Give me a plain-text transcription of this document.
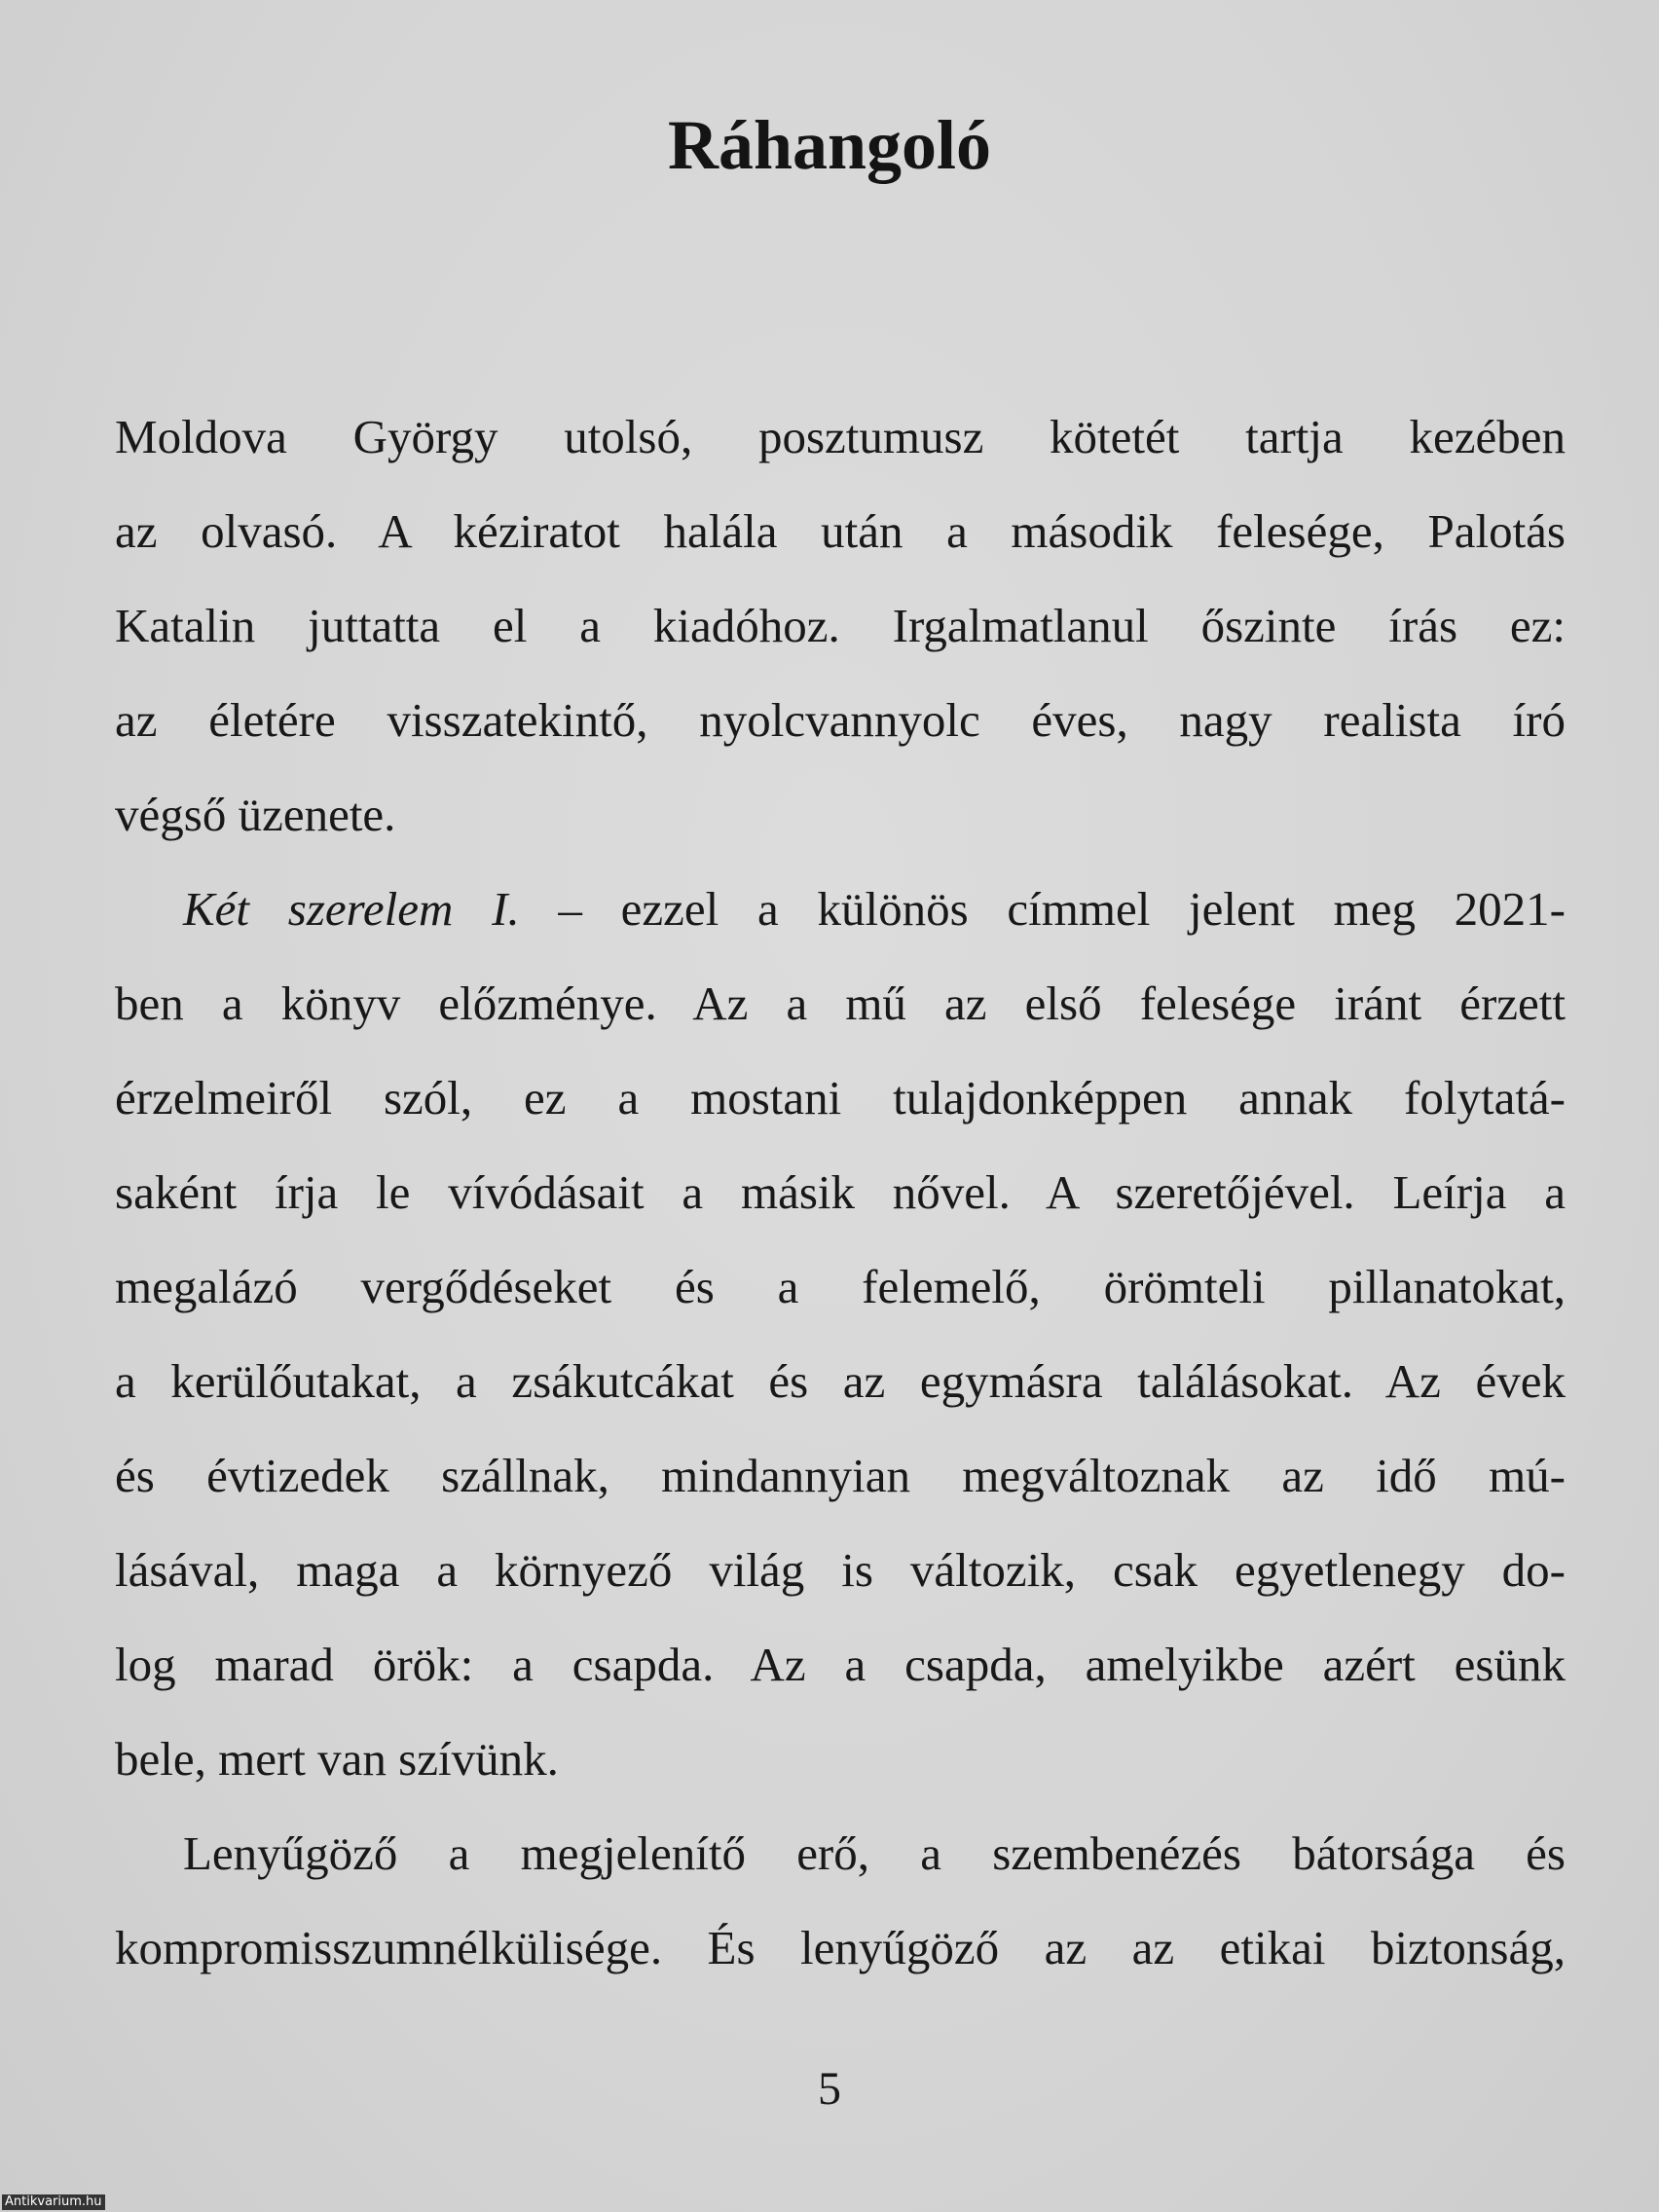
Ráhangoló
Moldova György utolsó, posztumusz kötetét tartja kezében
az olvasó. A kéziratot halála után a második felesége, Palotás
Katalin juttatta el a kiadóhoz. Irgalmatlanul őszinte írás ez:
az életére visszatekintő, nyolcvannyolc éves, nagy realista író
végső üzenete.
Két szerelem I. – ezzel a különös címmel jelent meg 2021-
ben a könyv előzménye. Az a mű az első felesége iránt érzett
érzelmeiről szól, ez a mostani tulajdonképpen annak folytatá-
saként írja le vívódásait a másik nővel. A szeretőjével. Leírja a
megalázó vergődéseket és a felemelő, örömteli pillanatokat,
a kerülőutakat, a zsákutcákat és az egymásra találásokat. Az évek
és évtizedek szállnak, mindannyian megváltoznak az idő mú-
lásával, maga a környező világ is változik, csak egyetlenegy do-
log marad örök: a csapda. Az a csapda, amelyikbe azért esünk
bele, mert van szívünk.
Lenyűgöző a megjelenítő erő, a szembenézés bátorsága és
kompromisszumnélkülisége. És lenyűgöző az az etikai biztonság,
5
Antikvarium.hu
